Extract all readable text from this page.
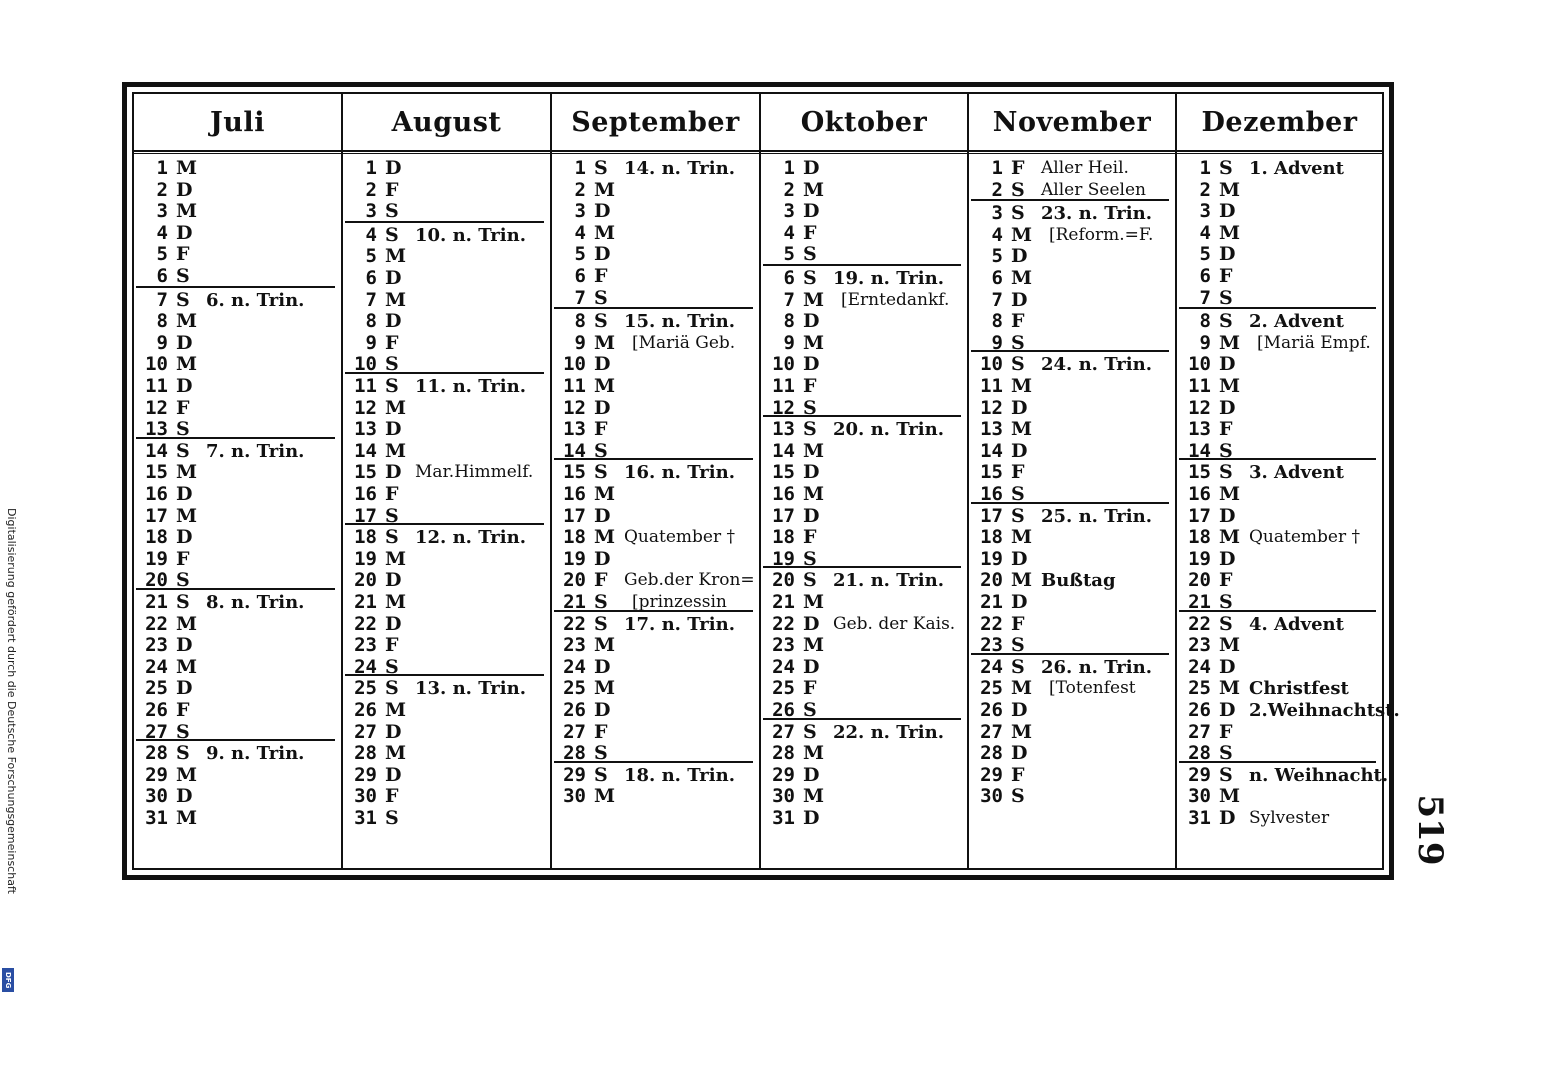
Juli
1 M
2 D
3 M
4 D
5 F
6 S
7 S 6. n. Trin.
8 M
9 D
10 M
11 D
12 F
13 S
14 S 7. n. Trin.
15 M
16 D
17 M
18 D
19 F
20 S
21 S 8. n. Trin.
22 M
23 D
24 M
25 D
26 F
27 S
28 S 9. n. Trin.
29 M
30 D
31 M
August
1 D
2 F
3 S
4 S 10. n. Trin.
5 M
6 D
7 M
8 D
9 F
10 S
11 S 11. n. Trin.
12 M
13 D
14 M
15 D Mar.Himmelf.
16 F
17 S
18 S 12. n. Trin.
19 M
20 D
21 M
22 D
23 F
24 S
25 S 13. n. Trin.
26 M
27 D
28 M
29 D
30 F
31 S
September
1 S 14. n. Trin.
2 M
3 D
4 M
5 D
6 F
7 S
8 S 15. n. Trin.
9 M [Mariä Geb.
10 D
11 M
12 D
13 F
14 S
15 S 16. n. Trin.
16 M
17 D
18 M Quatember †
19 D
20 F Geb.der Kron=
21 S [prinzessin
22 S 17. n. Trin.
23 M
24 D
25 M
26 D
27 F
28 S
29 S 18. n. Trin.
30 M
Oktober
1 D
2 M
3 D
4 F
5 S
6 S 19. n. Trin.
7 M [Erntedankf.
8 D
9 M
10 D
11 F
12 S
13 S 20. n. Trin.
14 M
15 D
16 M
17 D
18 F
19 S
20 S 21. n. Trin.
21 M
22 D Geb. der Kais.
23 M
24 D
25 F
26 S
27 S 22. n. Trin.
28 M
29 D
30 M
31 D
November
1 F Aller Heil.
2 S Aller Seelen
3 S 23. n. Trin.
4 M [Reform.=F.
5 D
6 M
7 D
8 F
9 S
10 S 24. n. Trin.
11 M
12 D
13 M
14 D
15 F
16 S
17 S 25. n. Trin.
18 M
19 D
20 M Bußtag
21 D
22 F
23 S
24 S 26. n. Trin.
25 M [Totenfest
26 D
27 M
28 D
29 F
30 S
Dezember
1 S 1. Advent
2 M
3 D
4 M
5 D
6 F
7 S
8 S 2. Advent
9 M [Mariä Empf.
10 D
11 M
12 D
13 F
14 S
15 S 3. Advent
16 M
17 D
18 M Quatember †
19 D
20 F
21 S
22 S 4. Advent
23 M
24 D
25 M Christfest
26 D 2.Weihnachtst.
27 F
28 S
29 S n. Weihnacht.
30 M
31 D Sylvester 519
Digitalisierung gefördert durch die Deutsche Forschungsgemeinschaft
DFG
